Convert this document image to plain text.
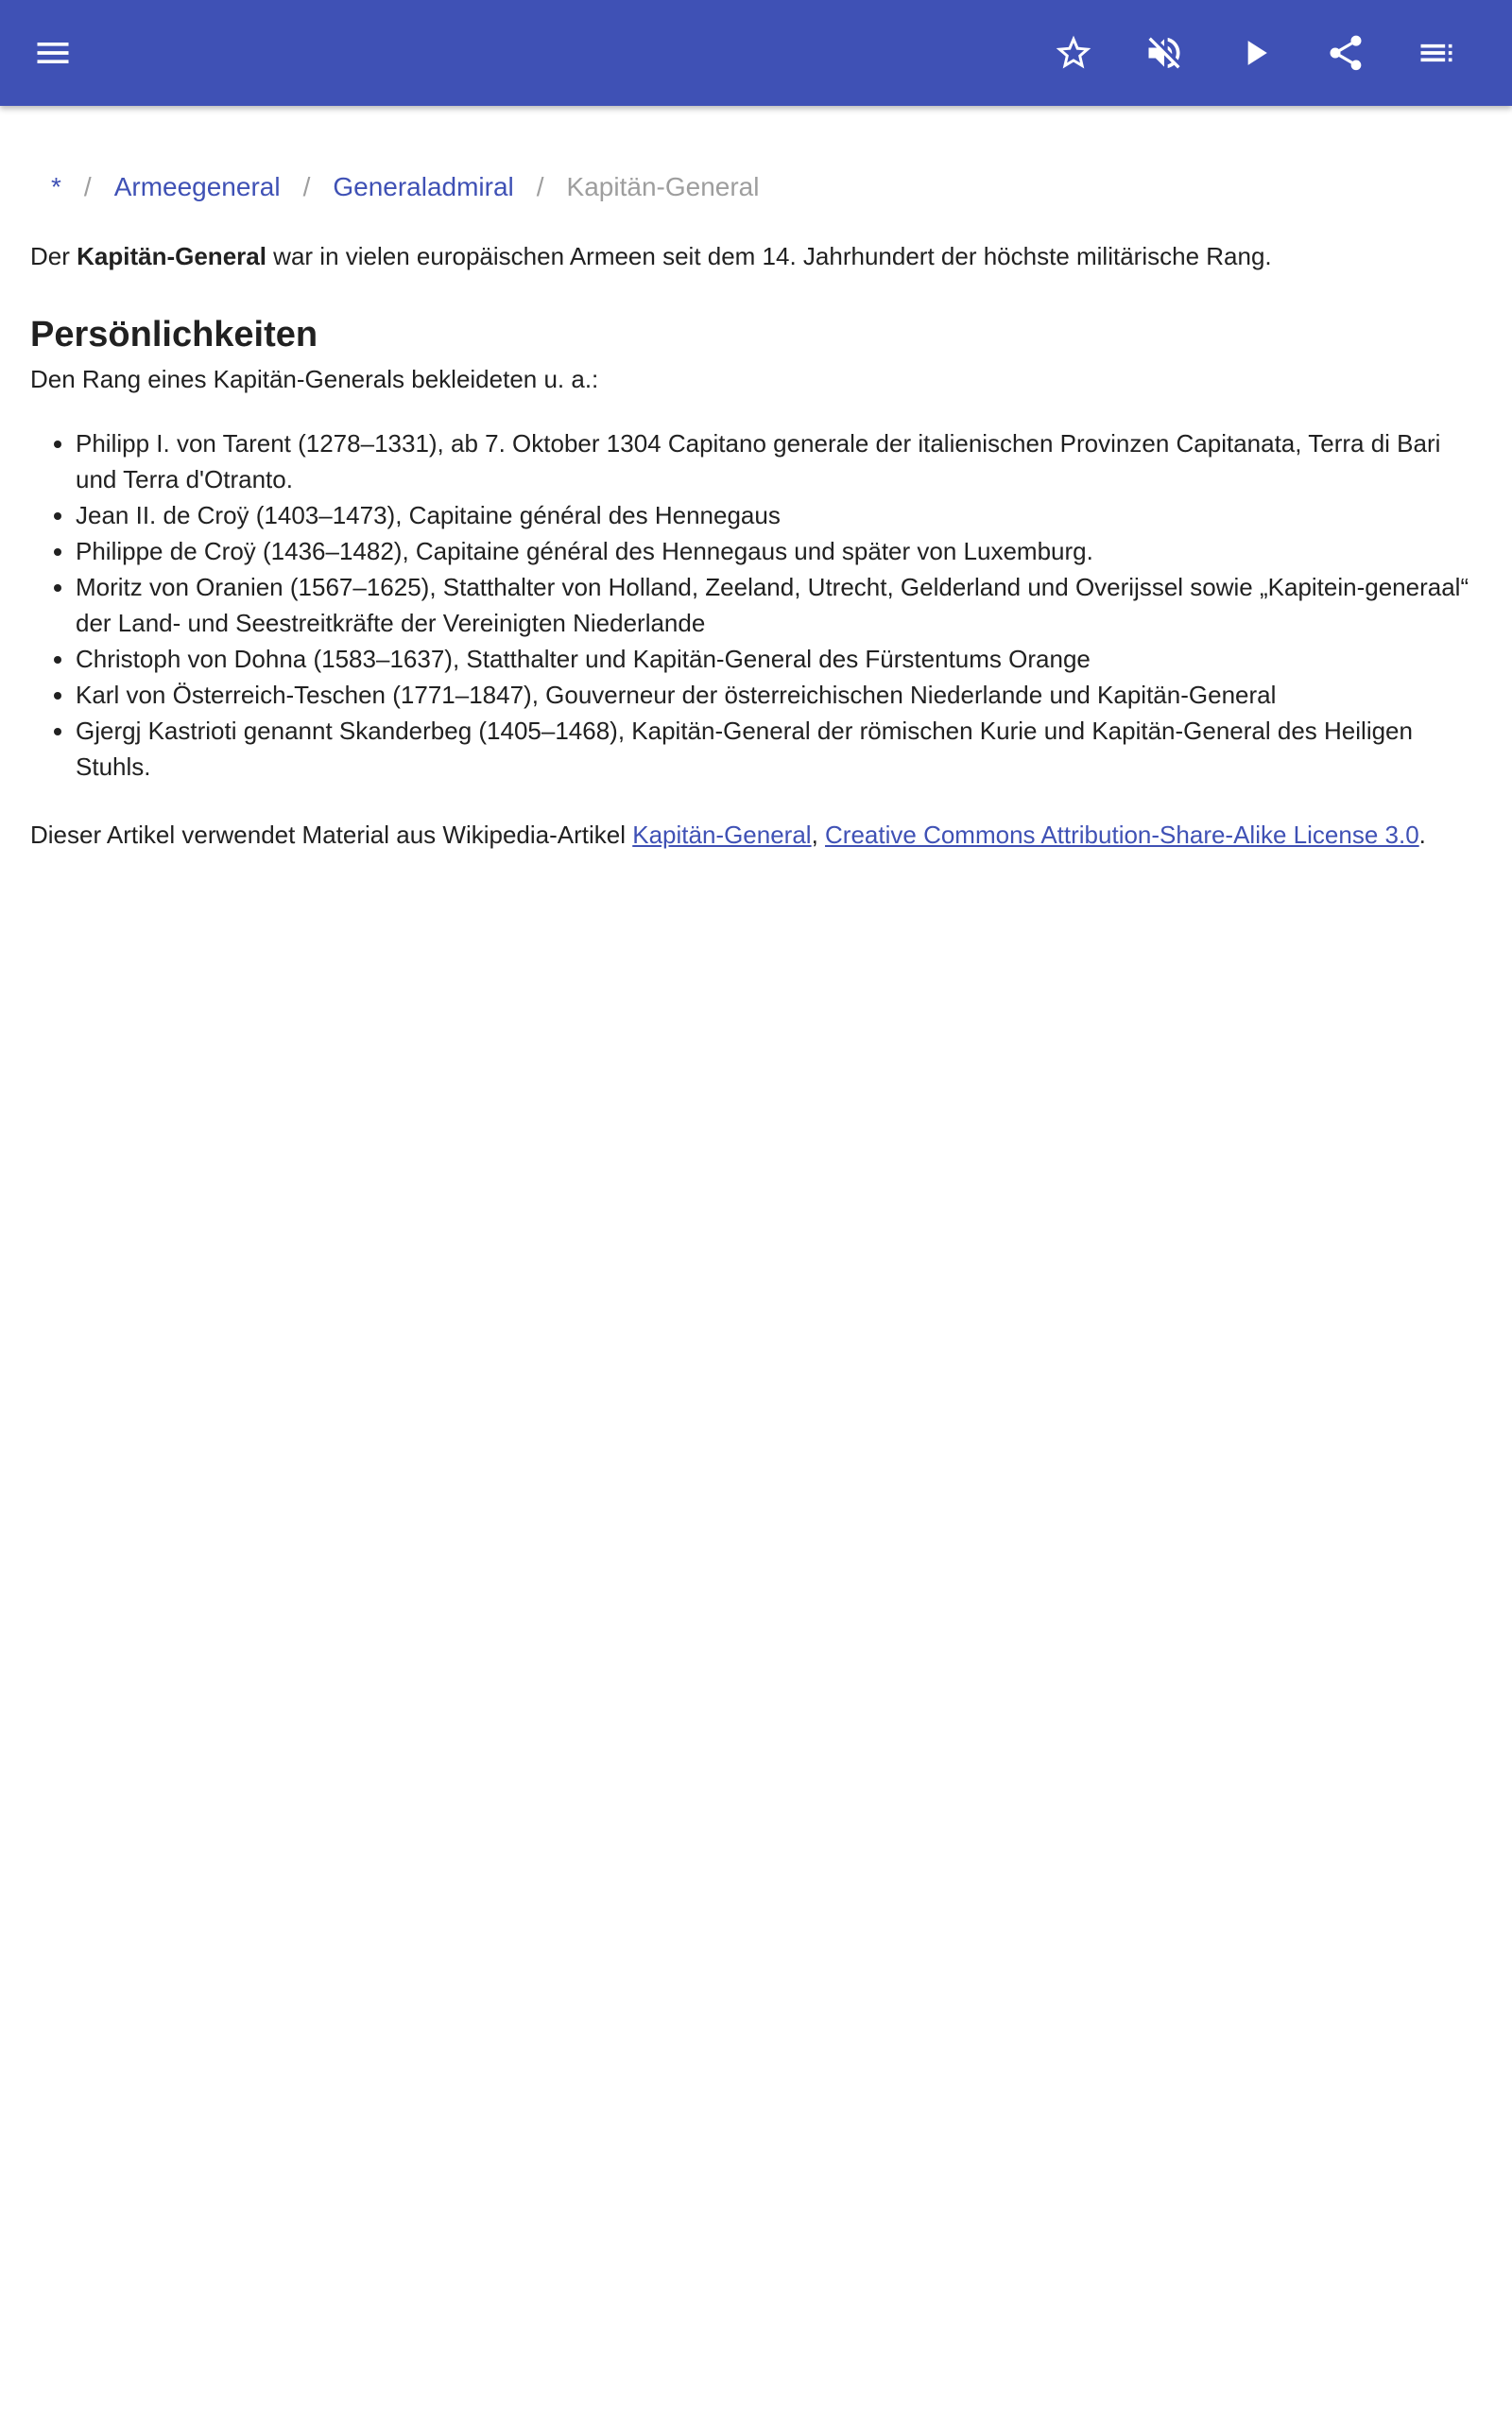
* / Armeegeneral / Generaladmiral / Kapitän-General

Der Kapitän-General war in vielen europäischen Armeen seit dem 14. Jahrhundert der höchste militärische Rang.

Persönlichkeiten

Den Rang eines Kapitän-Generals bekleideten u. a.:

• Philipp I. von Tarent (1278–1331), ab 7. Oktober 1304 Capitano generale der italienischen Provinzen Capitanata, Terra di Bari und Terra d'Otranto.
• Jean II. de Croÿ (1403–1473), Capitaine général des Hennegaus
• Philippe de Croÿ (1436–1482), Capitaine général des Hennegaus und später von Luxemburg.
• Moritz von Oranien (1567–1625), Statthalter von Holland, Zeeland, Utrecht, Gelderland und Overijssel sowie „Kapitein-generaal“ der Land- und Seestreitkräfte der Vereinigten Niederlande
• Christoph von Dohna (1583–1637), Statthalter und Kapitän-General des Fürstentums Orange
• Karl von Österreich-Teschen (1771–1847), Gouverneur der österreichischen Niederlande und Kapitän-General
• Gjergj Kastrioti genannt Skanderbeg (1405–1468), Kapitän-General der römischen Kurie und Kapitän-General des Heiligen Stuhls.

Dieser Artikel verwendet Material aus Wikipedia-Artikel Kapitän-General, Creative Commons Attribution-Share-Alike License 3.0.
